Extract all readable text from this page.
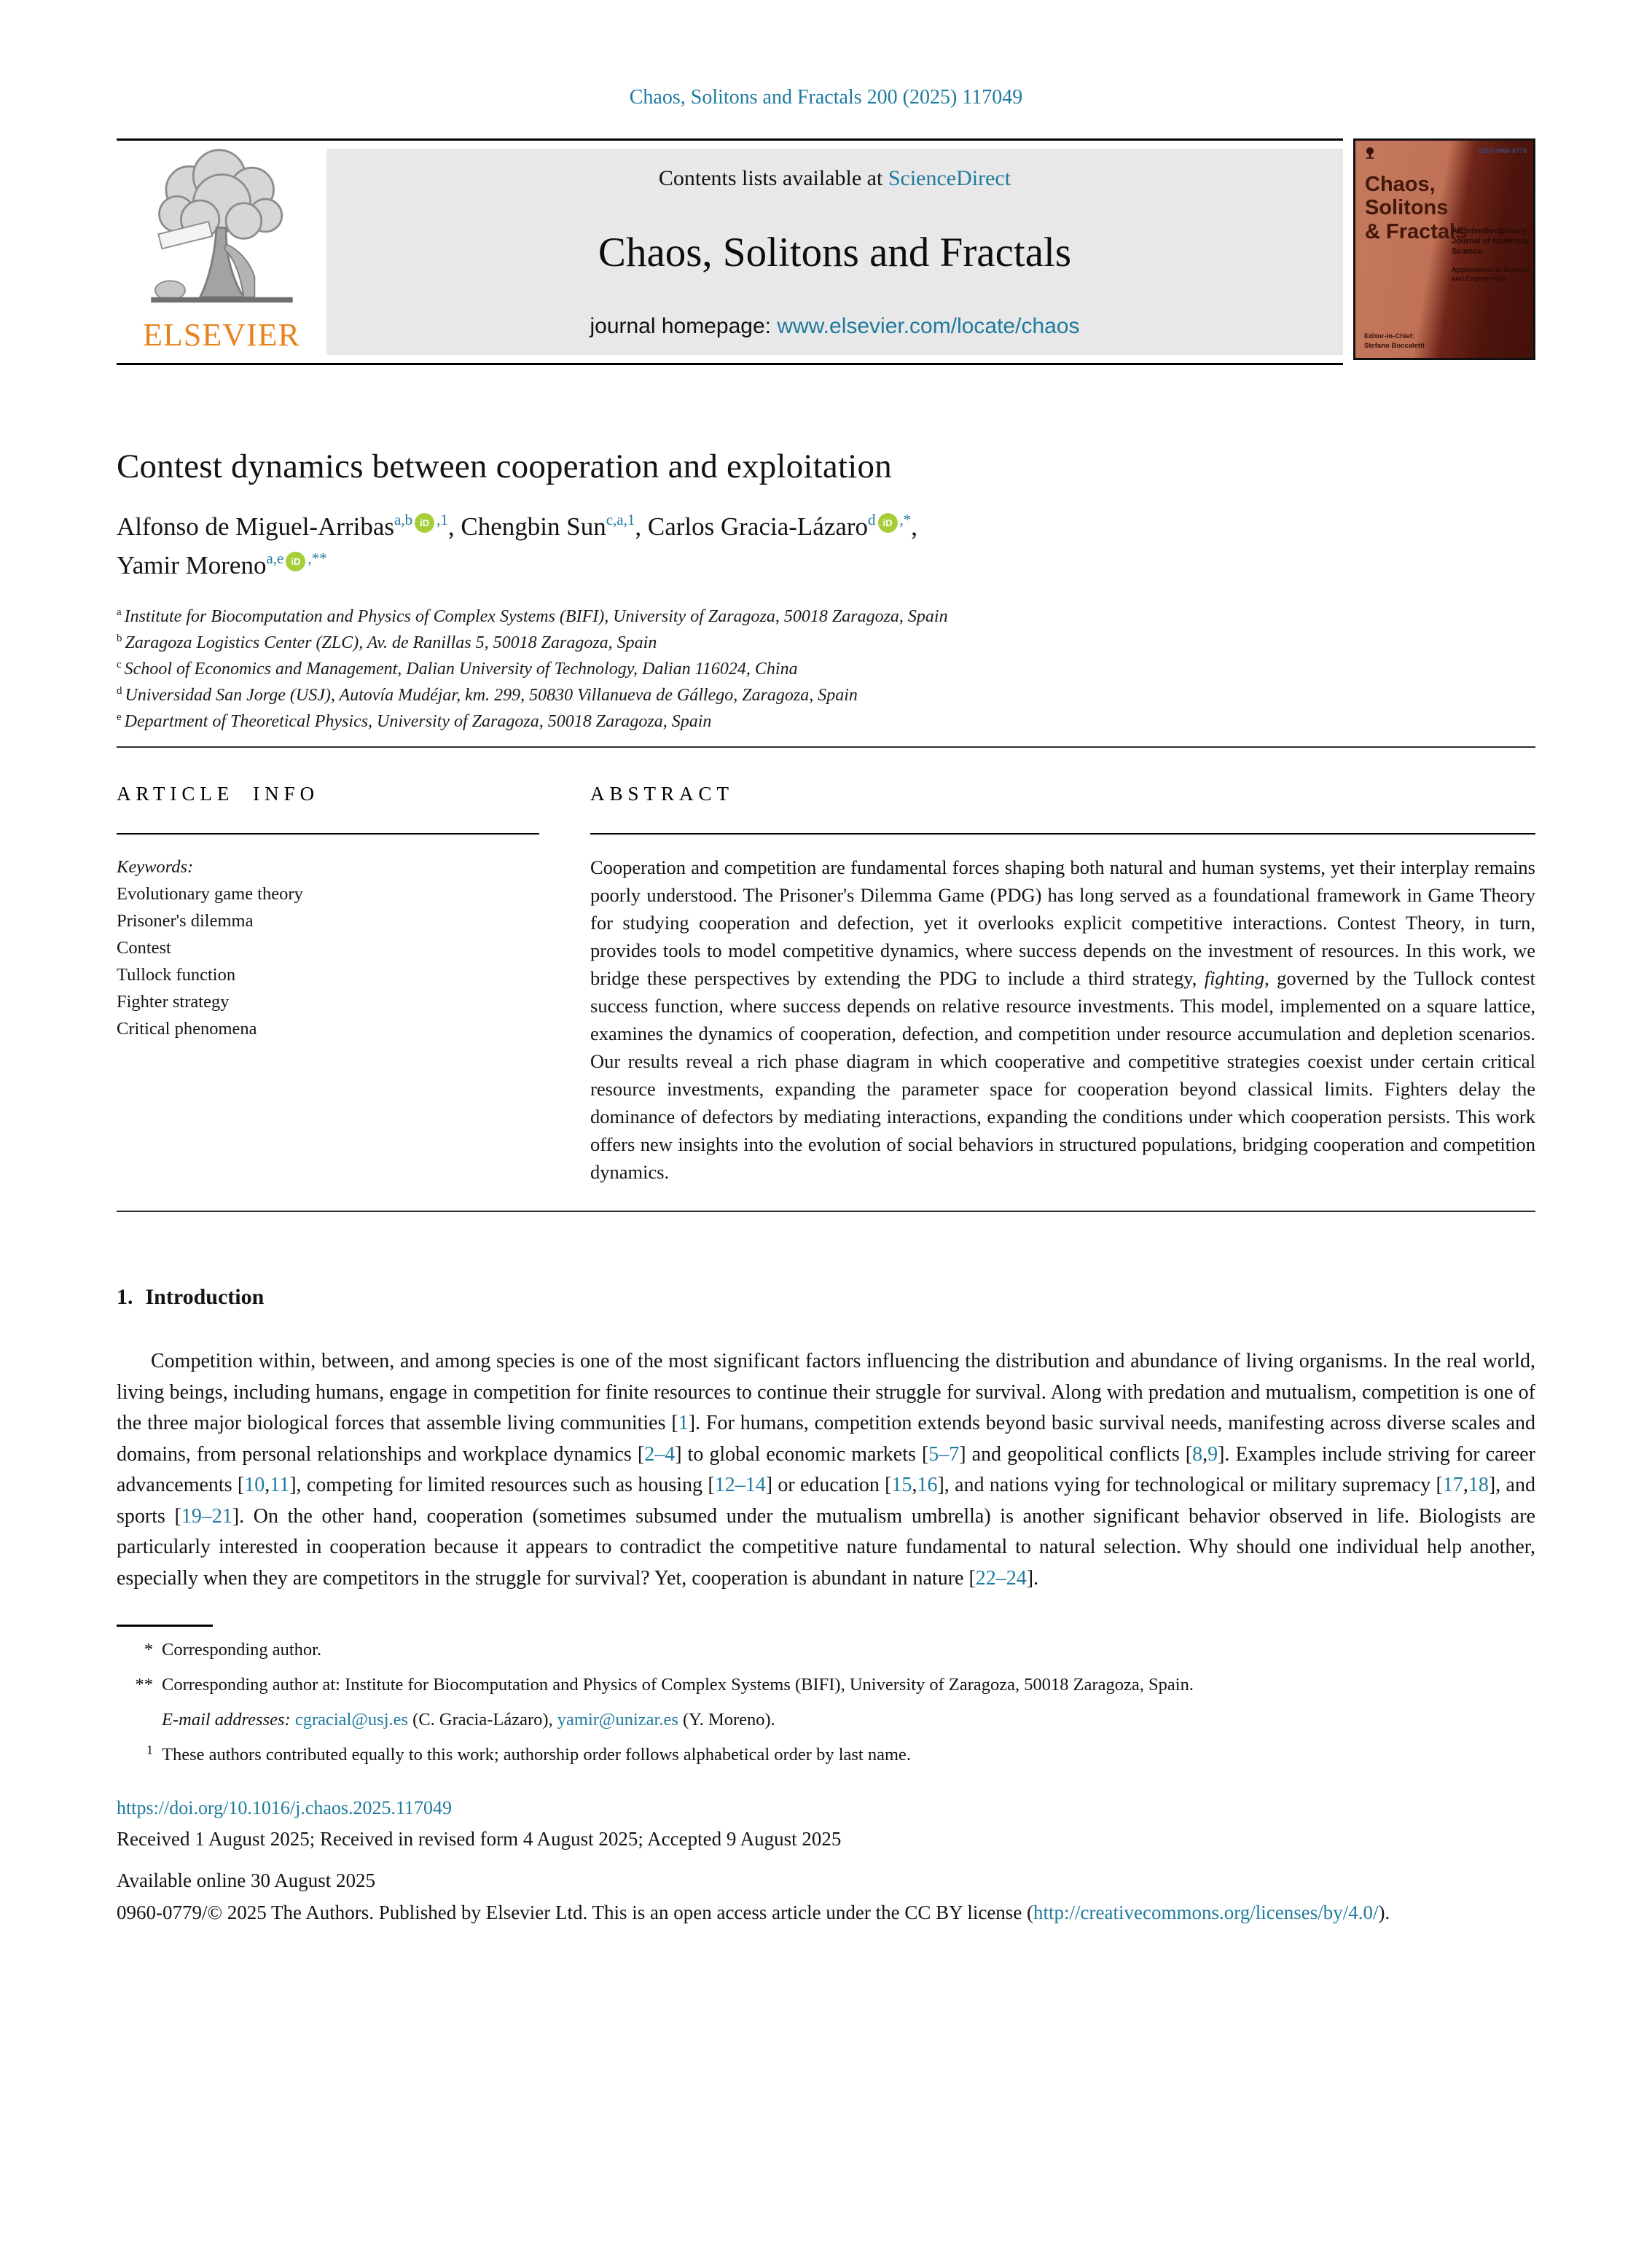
Chaos, Solitons and Fractals 200 (2025) 117049
ELSEVIER
Contents lists available at ScienceDirect
Chaos, Solitons and Fractals
journal homepage: www.elsevier.com/locate/chaos
ISSN 0960-8779
Chaos,
Solitons
& Fractals
An Interdisciplinary Journal of Nonlinear Science
Applications to Science and Engineering
Editor-in-Chief:
Stefano Boccaletti
Contest dynamics between cooperation and exploitation
Alfonso de Miguel-Arribas$^{a,b}$ iD $^{,1}$, Chengbin Sun$^{c,a,1}$, Carlos Gracia-Lázaro$^d$ iD ,*,
Yamir Moreno$^{a,e}$ iD ,**
$^a$ Institute for Biocomputation and Physics of Complex Systems (BIFI), University of Zaragoza, 50018 Zaragoza, Spain
$^b$ Zaragoza Logistics Center (ZLC), Av. de Ranillas 5, 50018 Zaragoza, Spain
$^c$ School of Economics and Management, Dalian University of Technology, Dalian 116024, China
$^d$ Universidad San Jorge (USJ), Autovía Mudéjar, km. 299, 50830 Villanueva de Gállego, Zaragoza, Spain
$^e$ Department of Theoretical Physics, University of Zaragoza, 50018 Zaragoza, Spain
ARTICLE INFO
Keywords:
Evolutionary game theory
Prisoner's dilemma
Contest
Tullock function
Fighter strategy
Critical phenomena
ABSTRACT

Cooperation and competition are fundamental forces shaping both natural and human systems, yet their interplay remains poorly understood. The Prisoner's Dilemma Game (PDG) has long served as a foundational framework in Game Theory for studying cooperation and defection, yet it overlooks explicit competitive interactions. Contest Theory, in turn, provides tools to model competitive dynamics, where success depends on the investment of resources. In this work, we bridge these perspectives by extending the PDG to include a third strategy, fighting, governed by the Tullock contest success function, where success depends on relative resource investments. This model, implemented on a square lattice, examines the dynamics of cooperation, defection, and competition under resource accumulation and depletion scenarios. Our results reveal a rich phase diagram in which cooperative and competitive strategies coexist under certain critical resource investments, expanding the parameter space for cooperation beyond classical limits. Fighters delay the dominance of defectors by mediating interactions, expanding the conditions under which cooperation persists. This work offers new insights into the evolution of social behaviors in structured populations, bridging cooperation and competition dynamics.

1. Introduction

Competition within, between, and among species is one of the most significant factors influencing the distribution and abundance of living organisms. In the real world, living beings, including humans, engage in competition for finite resources to continue their struggle for survival. Along with predation and mutualism, competition is one of the three major biological forces that assemble living communities [1]. For humans, competition extends beyond basic survival needs, manifesting across diverse scales and domains, from personal relationships and workplace dynamics [2–4] to global economic markets [5–7] and geopolitical conflicts [8,9]. Examples include striving for career advancements [10,11], competing for limited resources such as housing [12–14] or education [15,16], and nations vying for technological or military supremacy [17,18], and sports [19–21]. On the other hand, cooperation (sometimes subsumed under the mutualism umbrella) is another significant behavior observed in life. Biologists are particularly interested in cooperation because it appears to contradict the competitive nature fundamental to natural selection. Why should one individual help another, especially when they are competitors in the struggle for survival? Yet, cooperation is abundant in nature [22–24].

* Corresponding author.
** Corresponding author at: Institute for Biocomputation and Physics of Complex Systems (BIFI), University of Zaragoza, 50018 Zaragoza, Spain.
E-mail addresses: cgracial@usj.es (C. Gracia-Lázaro), yamir@unizar.es (Y. Moreno).
$^1$ These authors contributed equally to this work; authorship order follows alphabetical order by last name.
https://doi.org/10.1016/j.chaos.2025.117049
Received 1 August 2025; Received in revised form 4 August 2025; Accepted 9 August 2025
Available online 30 August 2025

0960-0779/© 2025 The Authors. Published by Elsevier Ltd. This is an open access article under the CC BY license (http://creativecommons.org/licenses/by/4.0/).
